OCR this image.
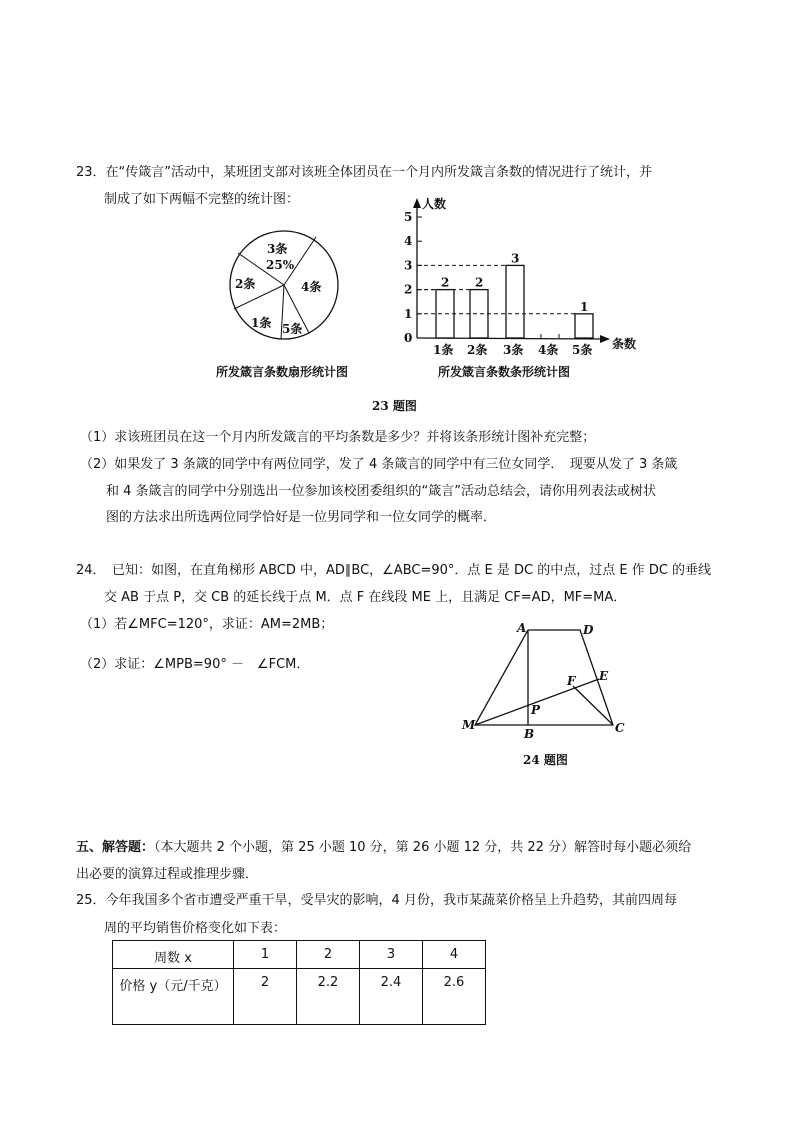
23．在“传箴言”活动中，某班团支部对该班全体团员在一个月内所发箴言条数的情况进行了统计，并
制成了如下两幅不完整的统计图：
3条
25%
4条
2条
1条 5条
所发箴言条数扇形统计图
人数
条数
所发箴言条数条形统计图
0
1
2
3
4
5
1条
2
2条
2
3条
3
4条 5条
1
23 题图
A	D
E
F
P
M
B	C
24 题图
（1）求该班团员在这一个月内所发箴言的平均条数是多少？并将该条形统计图补充完整；
（2）如果发了 3 条箴的同学中有两位同学，发了 4 条箴言的同学中有三位女同学．　现要从发了 3 条箴
和 4 条箴言的同学中分别选出一位参加该校团委组织的“箴言”活动总结会，请你用列表法或树状
图的方法求出所选两位同学恰好是一位男同学和一位女同学的概率．
24．　已知：如图，在直角梯形 ABCD 中，AD∥BC，∠ABC=90°．点 E 是 DC 的中点，过点 E 作 DC 的垂线
交 AB 于点 P，交 CB 的延长线于点 M．点 F 在线段 ME 上，且满足 CF=AD，MF=MA．
（1）若∠MFC=120°，求证：AM=2MB；
（2）求证：∠MPB=90° －　∠FCM．
五、解答题：（本大题共 2 个小题，第 25 小题 10 分，第 26 小题 12 分，共 22 分）解答时每小题必须给
出必要的演算过程或推理步骤．
25．今年我国多个省市遭受严重干旱，受旱灾的影响，4 月份，我市某蔬菜价格呈上升趋势，其前四周每
周的平均销售价格变化如下表：
周数 x	1	2	3	4
价格 y（元/千克）	2	2.2	2.4	2.6
